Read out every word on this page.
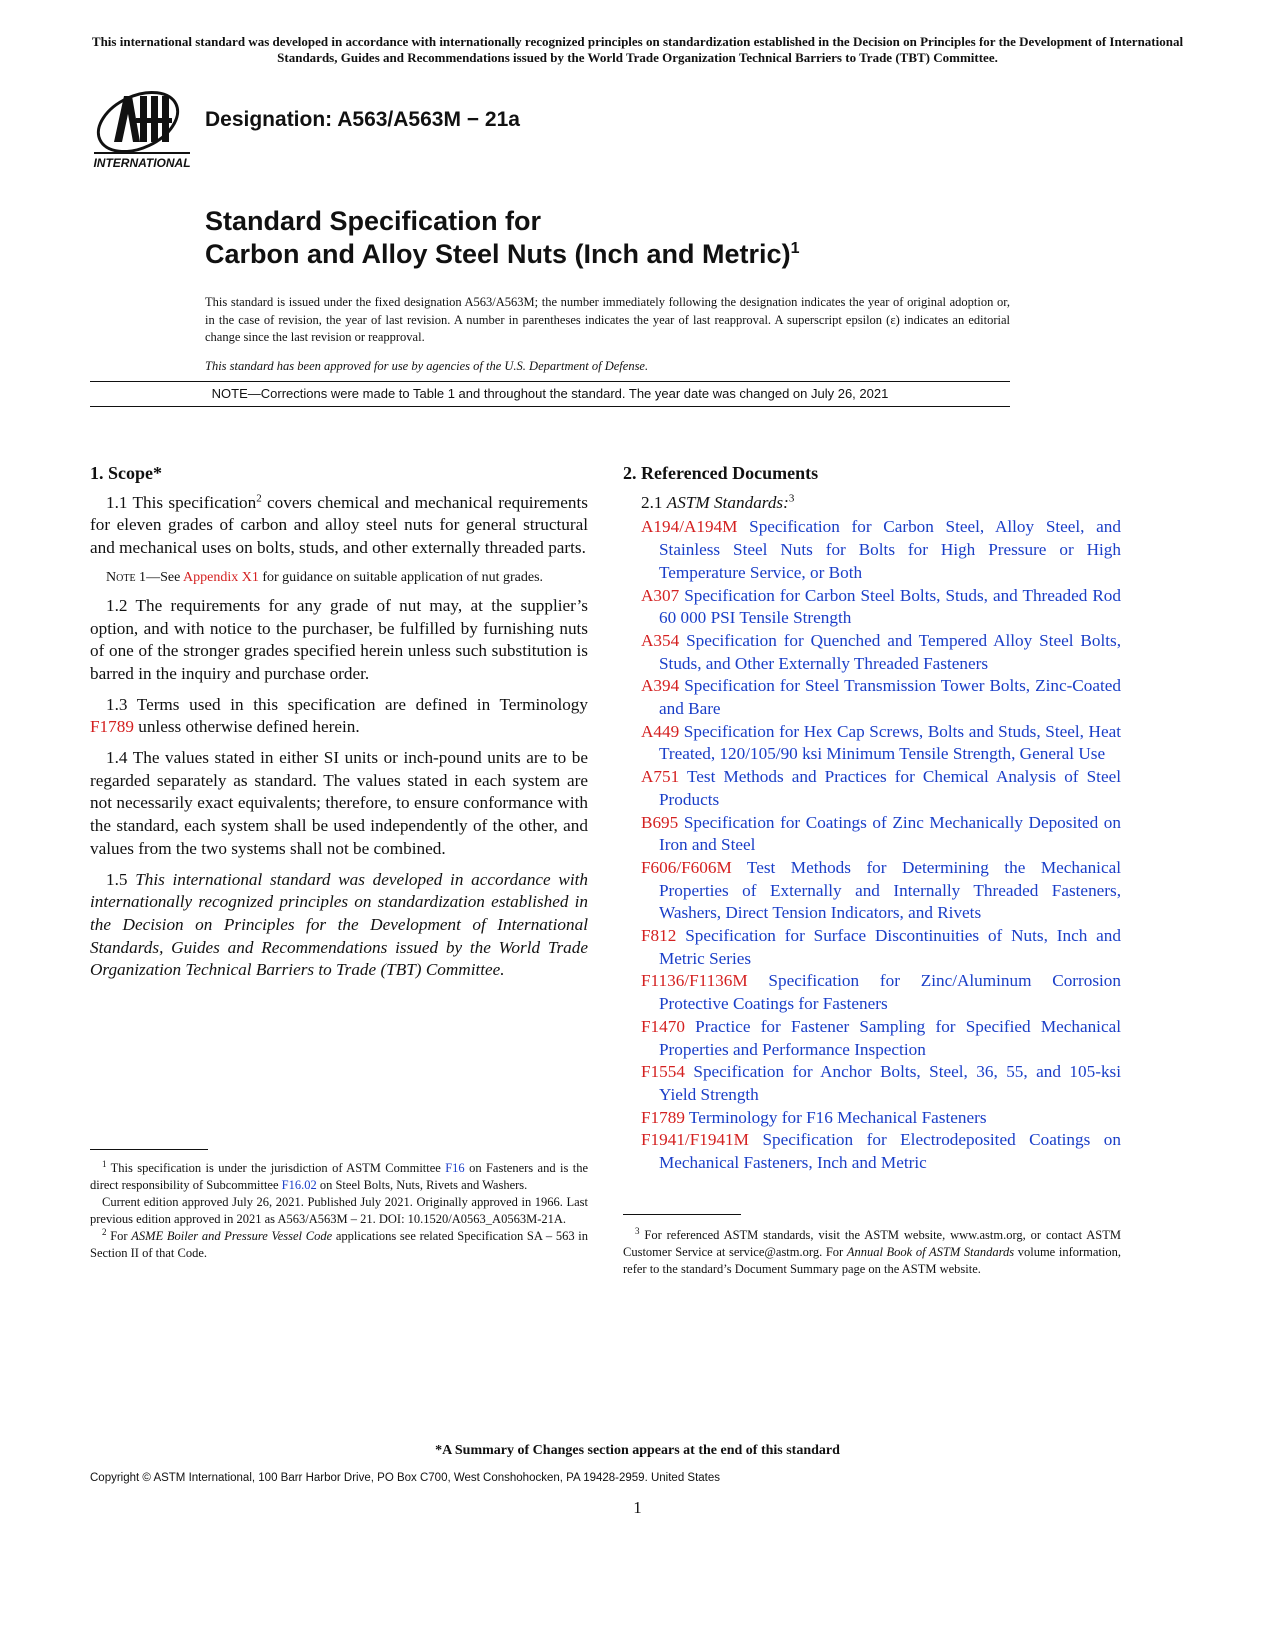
This international standard was developed in accordance with internationally recognized principles on standardization established in the Decision on Principles for the Development of International Standards, Guides and Recommendations issued by the World Trade Organization Technical Barriers to Trade (TBT) Committee.
INTERNATIONAL
Designation: A563/A563M − 21a
Standard Specification for
Carbon and Alloy Steel Nuts (Inch and Metric)$^1$
This standard is issued under the fixed designation A563/A563M; the number immediately following the designation indicates the year of original adoption or, in the case of revision, the year of last revision. A number in parentheses indicates the year of last reapproval. A superscript epsilon (ε) indicates an editorial change since the last revision or reapproval.
This standard has been approved for use by agencies of the U.S. Department of Defense.
NOTE—Corrections were made to Table 1 and throughout the standard. The year date was changed on July 26, 2021
1. Scope*

1.1 This specification$^2$ covers chemical and mechanical requirements for eleven grades of carbon and alloy steel nuts for general structural and mechanical uses on bolts, studs, and other externally threaded parts.

Note 1—See Appendix X1 for guidance on suitable application of nut grades.

1.2 The requirements for any grade of nut may, at the supplier’s option, and with notice to the purchaser, be fulfilled by furnishing nuts of one of the stronger grades specified herein unless such substitution is barred in the inquiry and purchase order.

1.3 Terms used in this specification are defined in Terminology F1789 unless otherwise defined herein.

1.4 The values stated in either SI units or inch-pound units are to be regarded separately as standard. The values stated in each system are not necessarily exact equivalents; therefore, to ensure conformance with the standard, each system shall be used independently of the other, and values from the two systems shall not be combined.

1.5 This international standard was developed in accordance with internationally recognized principles on standardization established in the Decision on Principles for the Development of International Standards, Guides and Recommendations issued by the World Trade Organization Technical Barriers to Trade (TBT) Committee.

$^1$ This specification is under the jurisdiction of ASTM Committee F16 on Fasteners and is the direct responsibility of Subcommittee F16.02 on Steel Bolts, Nuts, Rivets and Washers.

Current edition approved July 26, 2021. Published July 2021. Originally approved in 1966. Last previous edition approved in 2021 as A563/A563M – 21. DOI: 10.1520/A0563_A0563M-21A.

$^2$ For ASME Boiler and Pressure Vessel Code applications see related Specification SA – 563 in Section II of that Code.

2. Referenced Documents
2.1 ASTM Standards:$^3$

A194/A194M Specification for Carbon Steel, Alloy Steel, and Stainless Steel Nuts for Bolts for High Pressure or High Temperature Service, or Both

A307 Specification for Carbon Steel Bolts, Studs, and Threaded Rod 60 000 PSI Tensile Strength

A354 Specification for Quenched and Tempered Alloy Steel Bolts, Studs, and Other Externally Threaded Fasteners

A394 Specification for Steel Transmission Tower Bolts, Zinc-Coated and Bare

A449 Specification for Hex Cap Screws, Bolts and Studs, Steel, Heat Treated, 120/105/90 ksi Minimum Tensile Strength, General Use

A751 Test Methods and Practices for Chemical Analysis of Steel Products

B695 Specification for Coatings of Zinc Mechanically Deposited on Iron and Steel

F606/F606M Test Methods for Determining the Mechanical Properties of Externally and Internally Threaded Fasteners, Washers, Direct Tension Indicators, and Rivets

F812 Specification for Surface Discontinuities of Nuts, Inch and Metric Series

F1136/F1136M Specification for Zinc/Aluminum Corrosion Protective Coatings for Fasteners

F1470 Practice for Fastener Sampling for Specified Mechanical Properties and Performance Inspection

F1554 Specification for Anchor Bolts, Steel, 36, 55, and 105-ksi Yield Strength

F1789 Terminology for F16 Mechanical Fasteners

F1941/F1941M Specification for Electrodeposited Coatings on Mechanical Fasteners, Inch and Metric

$^3$ For referenced ASTM standards, visit the ASTM website, www.astm.org, or contact ASTM Customer Service at service@astm.org. For Annual Book of ASTM Standards volume information, refer to the standard’s Document Summary page on the ASTM website.

*A Summary of Changes section appears at the end of this standard
Copyright © ASTM International, 100 Barr Harbor Drive, PO Box C700, West Conshohocken, PA 19428-2959. United States
1
